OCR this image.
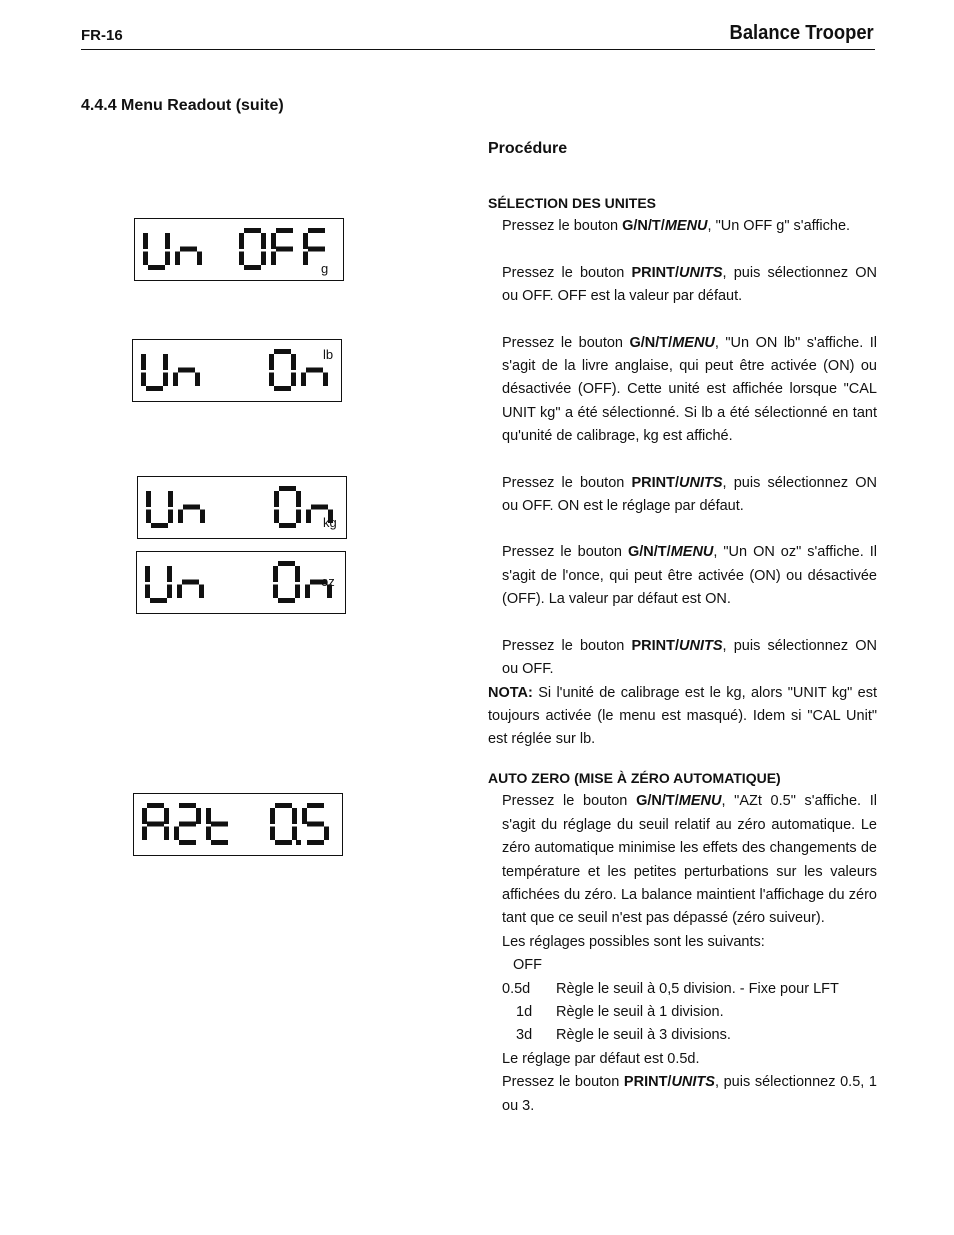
FR-16	Balance Trooper
4.4.4 Menu Readout (suite)
Procédure
g
lb
kg
oz

SÉLECTION DES UNITES

Pressez le bouton G/N/T/MENU, "Un OFF g" s'affiche.

Pressez le bouton PRINT/UNITS, puis sélectionnez ON ou OFF. OFF est la valeur par défaut.

Pressez le bouton G/N/T/MENU, "Un ON lb" s'affiche. Il s'agit de la livre anglaise, qui peut être activée (ON) ou désactivée (OFF). Cette unité est affichée lorsque "CAL UNIT kg" a été sélectionné. Si lb a été sélectionné en tant qu'unité de calibrage, kg est affiché.

Pressez le bouton PRINT/UNITS, puis sélectionnez ON ou OFF. ON est le réglage par défaut.

Pressez le bouton G/N/T/MENU, "Un ON oz" s'affiche. Il s'agit de l'once, qui peut être activée (ON) ou désactivée (OFF). La valeur par défaut est ON.

Pressez le bouton PRINT/UNITS, puis sélectionnez ON ou OFF.

NOTA: Si l'unité de calibrage est le kg, alors "UNIT kg" est toujours activée (le menu est masqué). Idem si "CAL Unit" est réglée sur lb.

AUTO ZERO (MISE À ZÉRO AUTOMATIQUE)

Pressez le bouton G/N/T/MENU, "AZt 0.5" s'affiche. Il s'agit du réglage du seuil relatif au zéro automatique. Le zéro automatique minimise les effets des changements de température et les petites perturbations sur les valeurs affichées du zéro. La balance maintient l'affichage du zéro tant que ce seuil n'est pas dépassé (zéro suiveur).

Les réglages possibles sont les suivants:

OFF
0.5d	Règle le seuil à 0,5 division. - Fixe pour LFT
1d	Règle le seuil à 1 division.
3d	Règle le seuil à 3 divisions.

Le réglage par défaut est 0.5d.

Pressez le bouton PRINT/UNITS, puis sélectionnez 0.5, 1 ou 3.
